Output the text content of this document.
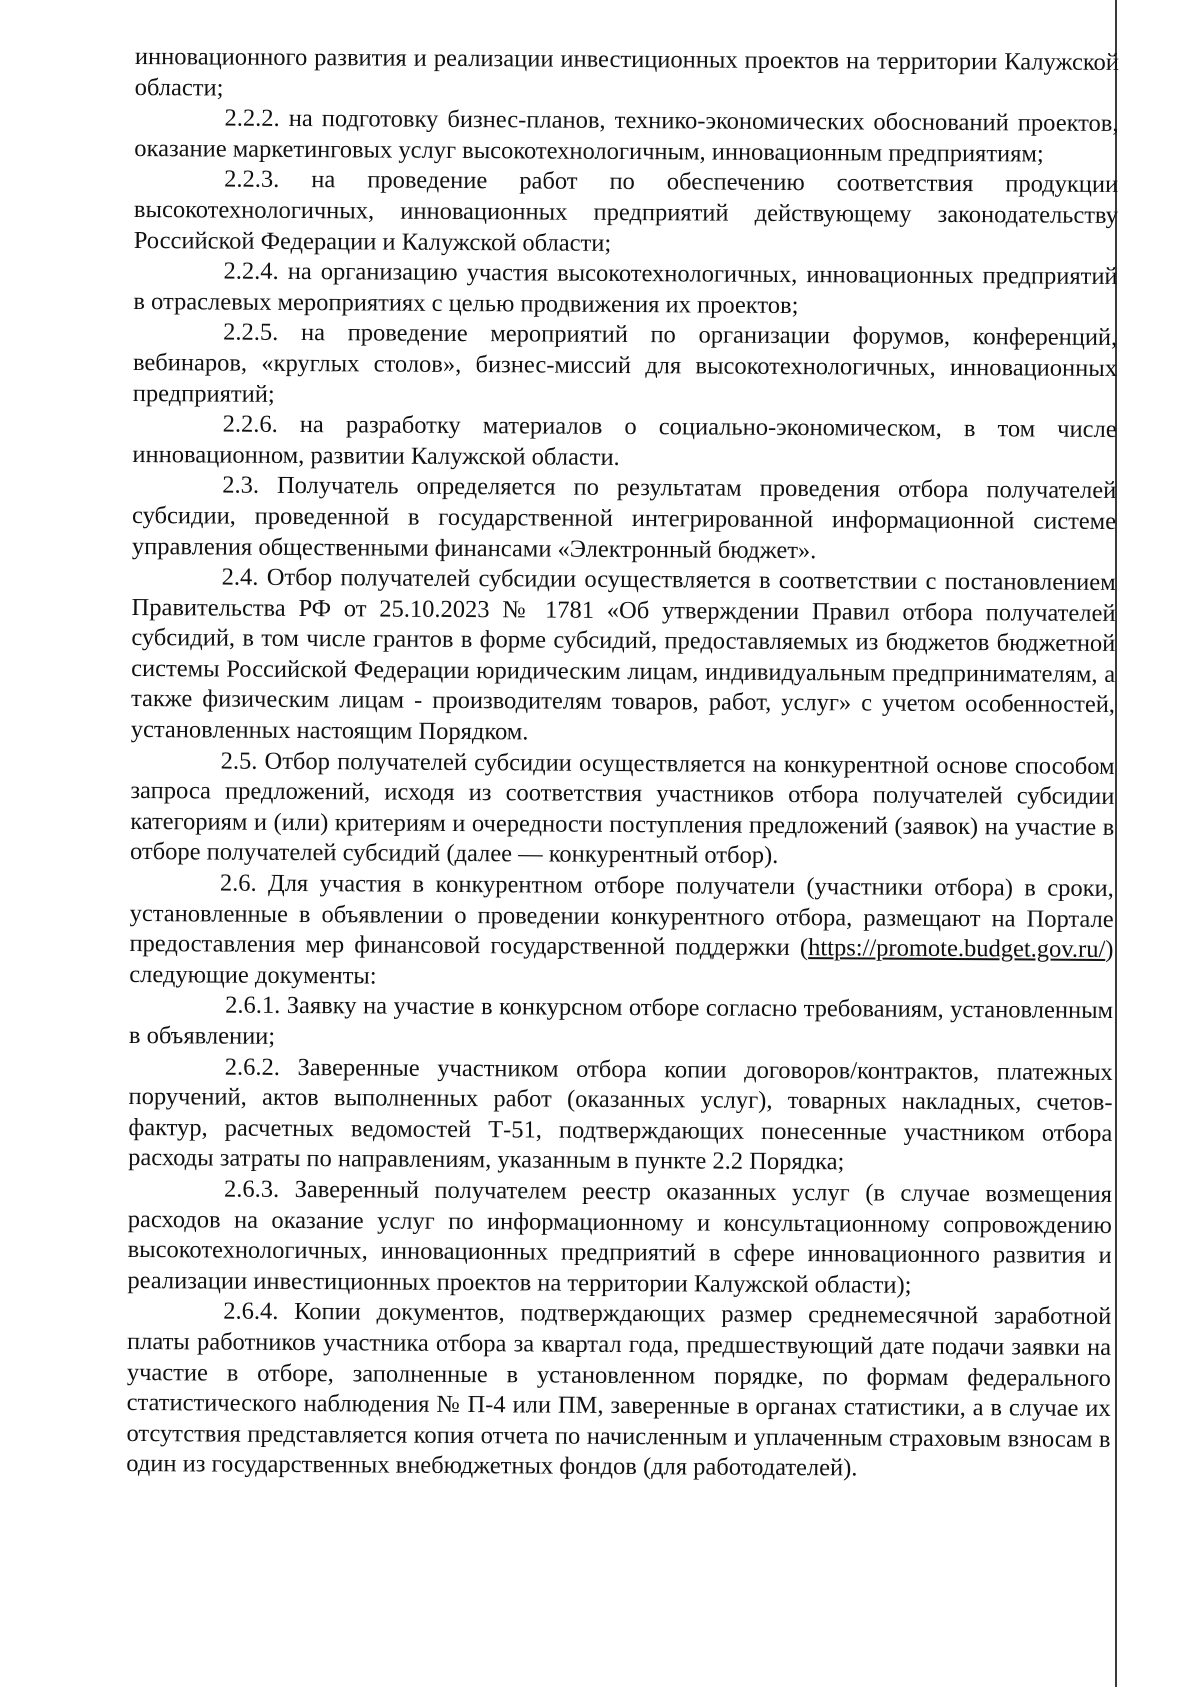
инновационного развития и реализации инвестиционных проектов на территории Калужской области;

2.2.2. на подготовку бизнес-планов, технико-экономических обоснований проектов, оказание маркетинговых услуг высокотехнологичным, инновационным предприятиям;

2.2.3. на проведение работ по обеспечению соответствия продукции высокотехнологичных, инновационных предприятий действующему законодательству Российской Федерации и Калужской области;

2.2.4. на организацию участия высокотехнологичных, инновационных предприятий в отраслевых мероприятиях с целью продвижения их проектов;

2.2.5. на проведение мероприятий по организации форумов, конференций, вебинаров, «круглых столов», бизнес-миссий для высокотехнологичных, инновационных предприятий;

2.2.6. на разработку материалов о социально-экономическом, в том числе инновационном, развитии Калужской области.

2.3. Получатель определяется по результатам проведения отбора получателей субсидии, проведенной в государственной интегрированной информационной системе управления общественными финансами «Электронный бюджет».

2.4. Отбор получателей субсидии осуществляется в соответствии с постановлением Правительства РФ от 25.10.2023 № 1781 «Об утверждении Правил отбора получателей субсидий, в том числе грантов в форме субсидий, предоставляемых из бюджетов бюджетной системы Российской Федерации юридическим лицам, индивидуальным предпринимателям, а также физическим лицам - производителям товаров, работ, услуг» с учетом особенностей, установленных настоящим Порядком.

2.5. Отбор получателей субсидии осуществляется на конкурентной основе способом запроса предложений, исходя из соответствия участников отбора получателей субсидии категориям и (или) критериям и очередности поступления предложений (заявок) на участие в отборе получателей субсидий (далее — конкурентный отбор).

2.6. Для участия в конкурентном отборе получатели (участники отбора) в сроки, установленные в объявлении о проведении конкурентного отбора, размещают на Портале предоставления мер финансовой государственной поддержки (https://promote.budget.gov.ru/) следующие документы:

2.6.1. Заявку на участие в конкурсном отборе согласно требованиям, установленным в объявлении;

2.6.2. Заверенные участником отбора копии договоров/контрактов, платежных поручений, актов выполненных работ (оказанных услуг), товарных накладных, счетов-фактур, расчетных ведомостей Т-51, подтверждающих понесенные участником отбора расходы затраты по направлениям, указанным в пункте 2.2 Порядка;

2.6.3. Заверенный получателем реестр оказанных услуг (в случае возмещения расходов на оказание услуг по информационному и консультационному сопровождению высокотехнологичных, инновационных предприятий в сфере инновационного развития и реализации инвестиционных проектов на территории Калужской области);

2.6.4. Копии документов, подтверждающих размер среднемесячной заработной платы работников участника отбора за квартал года, предшествующий дате подачи заявки на участие в отборе, заполненные в установленном порядке, по формам федерального статистического наблюдения № П-4 или ПМ, заверенные в органах статистики, а в случае их отсутствия представляется копия отчета по начисленным и уплаченным страховым взносам в один из государственных внебюджетных фондов (для работодателей).
